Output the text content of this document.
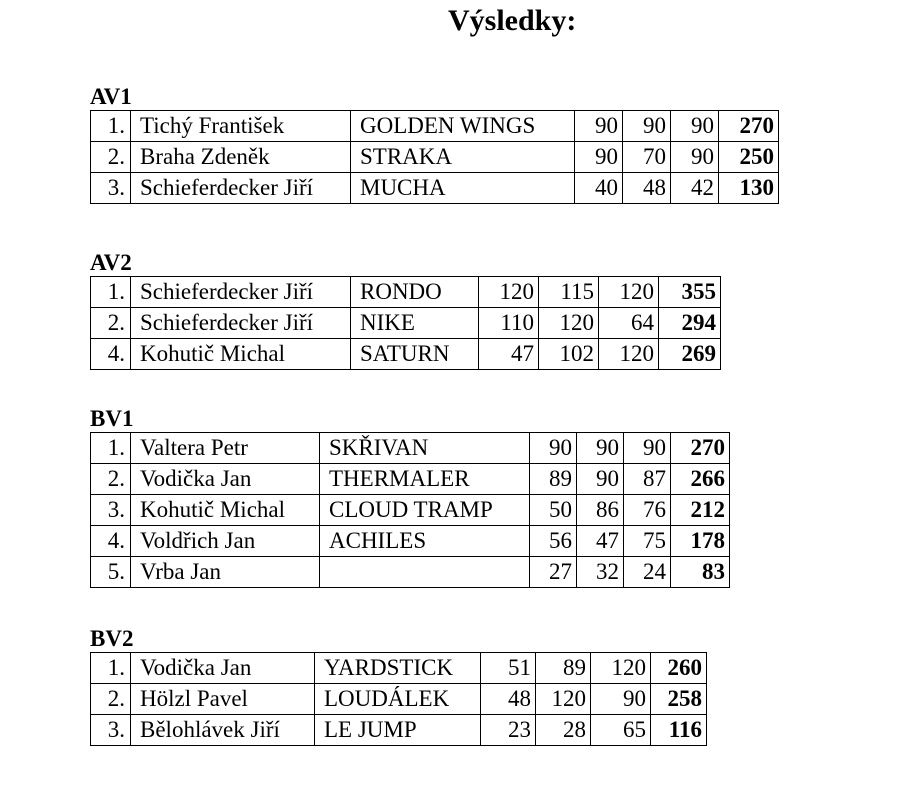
Výsledky:
AV1
1.	Tichý František	GOLDEN WINGS	90	90	90	270
2.	Braha Zdeněk	STRAKA	90	70	90	250
3.	Schieferdecker Jiří	MUCHA	40	48	42	130
AV2
1.	Schieferdecker Jiří	RONDO	120	115	120	355
2.	Schieferdecker Jiří	NIKE	110	120	64	294
4.	Kohutič Michal	SATURN	47	102	120	269
BV1
1.	Valtera Petr	SKŘIVAN	90	90	90	270
2.	Vodička Jan	THERMALER	89	90	87	266
3.	Kohutič Michal	CLOUD TRAMP	50	86	76	212
4.	Voldřich Jan	ACHILES	56	47	75	178
5.	Vrba Jan		27	32	24	83
BV2
1.	Vodička Jan	YARDSTICK	51	89	120	260
2.	Hölzl Pavel	LOUDÁLEK	48	120	90	258
3.	Bělohlávek Jiří	LE JUMP	23	28	65	116
